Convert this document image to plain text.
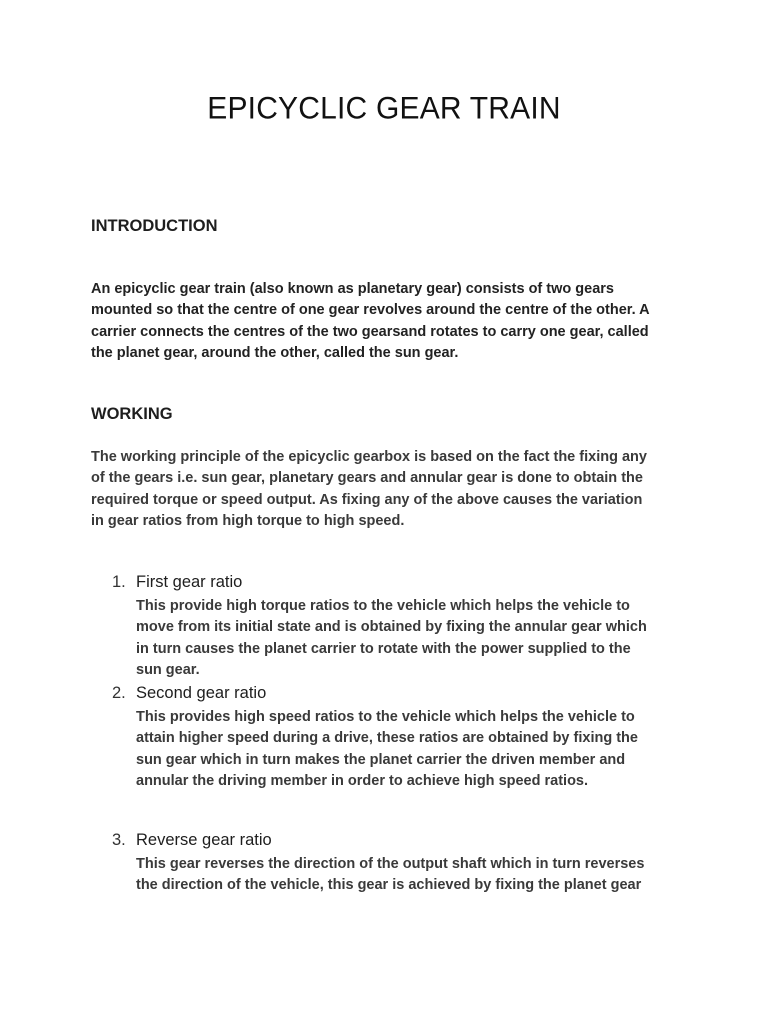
EPICYCLIC GEAR TRAIN
INTRODUCTION

An epicyclic gear train (also known as planetary gear) consists of two gears
mounted so that the centre of one gear revolves around the centre of the other. A
carrier connects the centres of the two gearsand rotates to carry one gear, called
the planet gear, around the other, called the sun gear.

WORKING

The working principle of the epicyclic gearbox is based on the fact the fixing any
of the gears i.e. sun gear, planetary gears and annular gear is done to obtain the
required torque or speed output. As fixing any of the above causes the variation
in gear ratios from high torque to high speed.

1. First gear ratio
This provide high torque ratios to the vehicle which helps the vehicle to
move from its initial state and is obtained by fixing the annular gear which
in turn causes the planet carrier to rotate with the power supplied to the
sun gear.
2. Second gear ratio
This provides high speed ratios to the vehicle which helps the vehicle to
attain higher speed during a drive, these ratios are obtained by fixing the
sun gear which in turn makes the planet carrier the driven member and
annular the driving member in order to achieve high speed ratios.
3. Reverse gear ratio
This gear reverses the direction of the output shaft which in turn reverses
the direction of the vehicle, this gear is achieved by fixing the planet gear
